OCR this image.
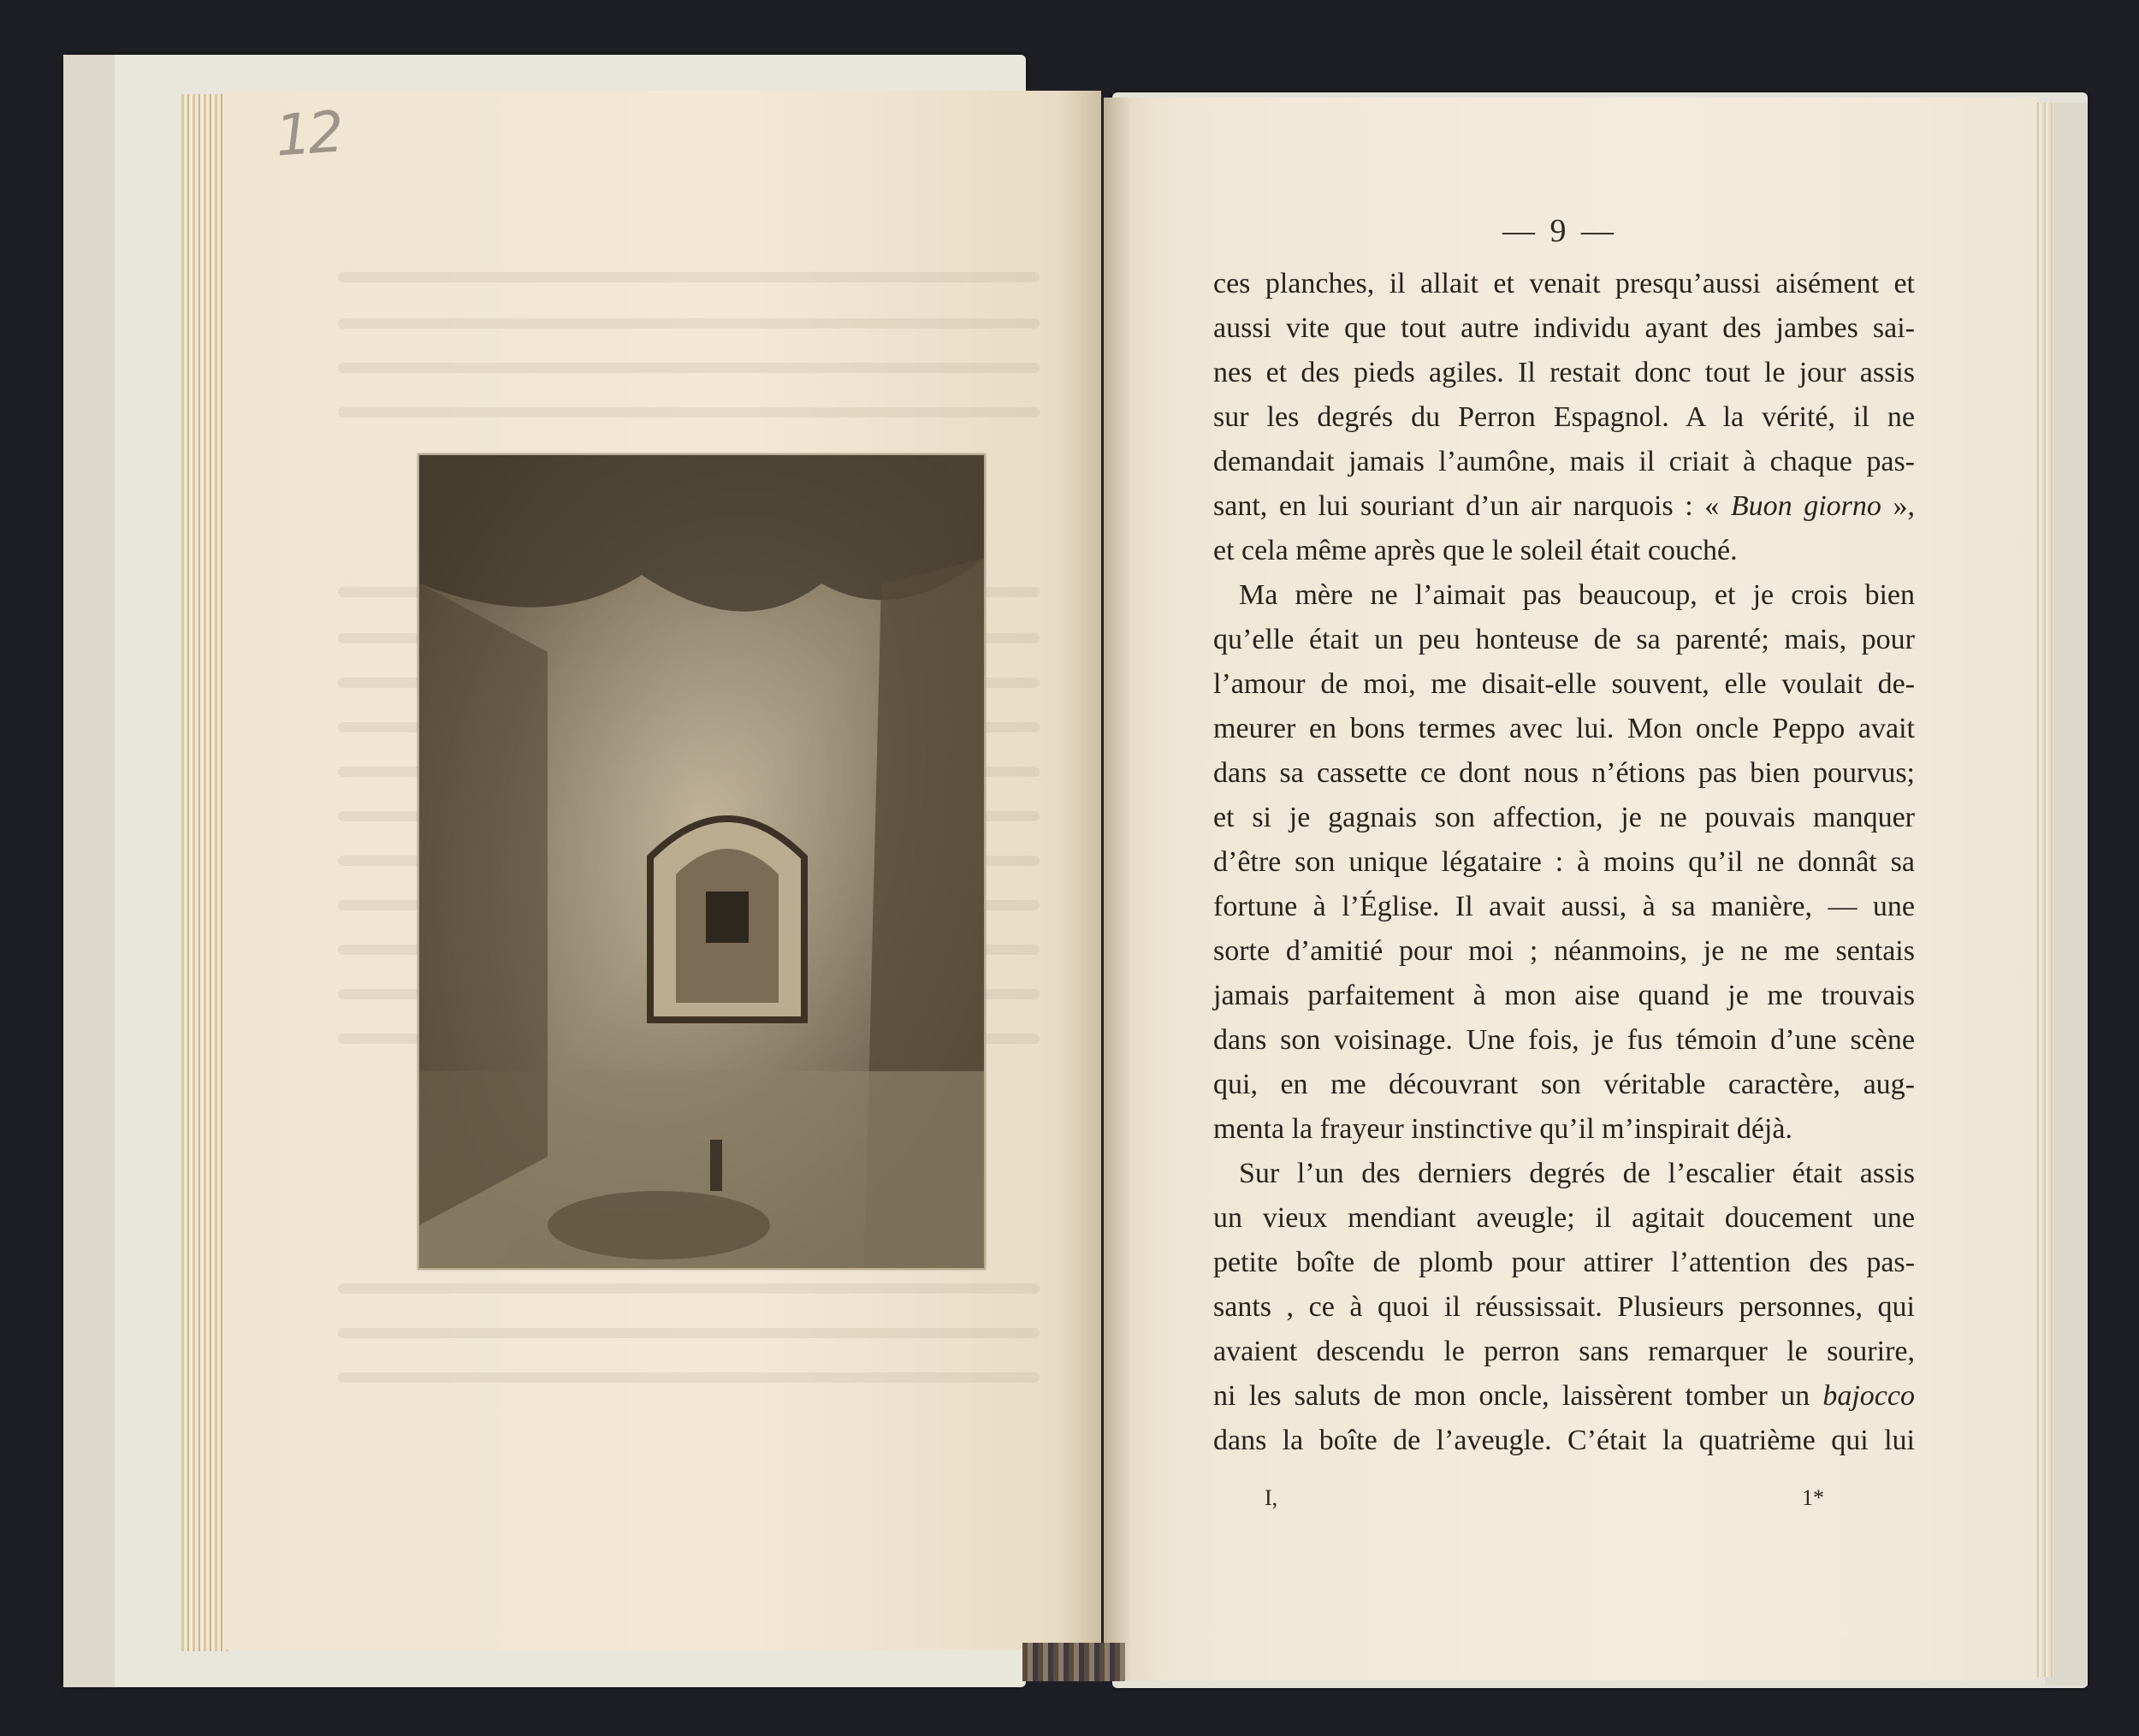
12
— 9 —
ces planches, il allait et venait presqu’aussi aisément et
aussi vite que tout autre individu ayant des jambes sai-
nes et des pieds agiles. Il restait donc tout le jour assis
sur les degrés du Perron Espagnol. A la vérité, il ne
demandait jamais l’aumône, mais il criait à chaque pas-
sant, en lui souriant d’un air narquois : « Buon giorno »,
et cela même après que le soleil était couché.
Ma mère ne l’aimait pas beaucoup, et je crois bien
qu’elle était un peu honteuse de sa parenté; mais, pour
l’amour de moi, me disait-elle souvent, elle voulait de-
meurer en bons termes avec lui. Mon oncle Peppo avait
dans sa cassette ce dont nous n’étions pas bien pourvus;
et si je gagnais son affection, je ne pouvais manquer
d’être son unique légataire : à moins qu’il ne donnât sa
fortune à l’Église. Il avait aussi, à sa manière, — une
sorte d’amitié pour moi ; néanmoins, je ne me sentais
jamais parfaitement à mon aise quand je me trouvais
dans son voisinage. Une fois, je fus témoin d’une scène
qui, en me découvrant son véritable caractère, aug-
menta la frayeur instinctive qu’il m’inspirait déjà.
Sur l’un des derniers degrés de l’escalier était assis
un vieux mendiant aveugle; il agitait doucement une
petite boîte de plomb pour attirer l’attention des pas-
sants , ce à quoi il réussissait. Plusieurs personnes, qui
avaient descendu le perron sans remarquer le sourire,
ni les saluts de mon oncle, laissèrent tomber un bajocco
dans la boîte de l’aveugle. C’était la quatrième qui lui
I,	1*
